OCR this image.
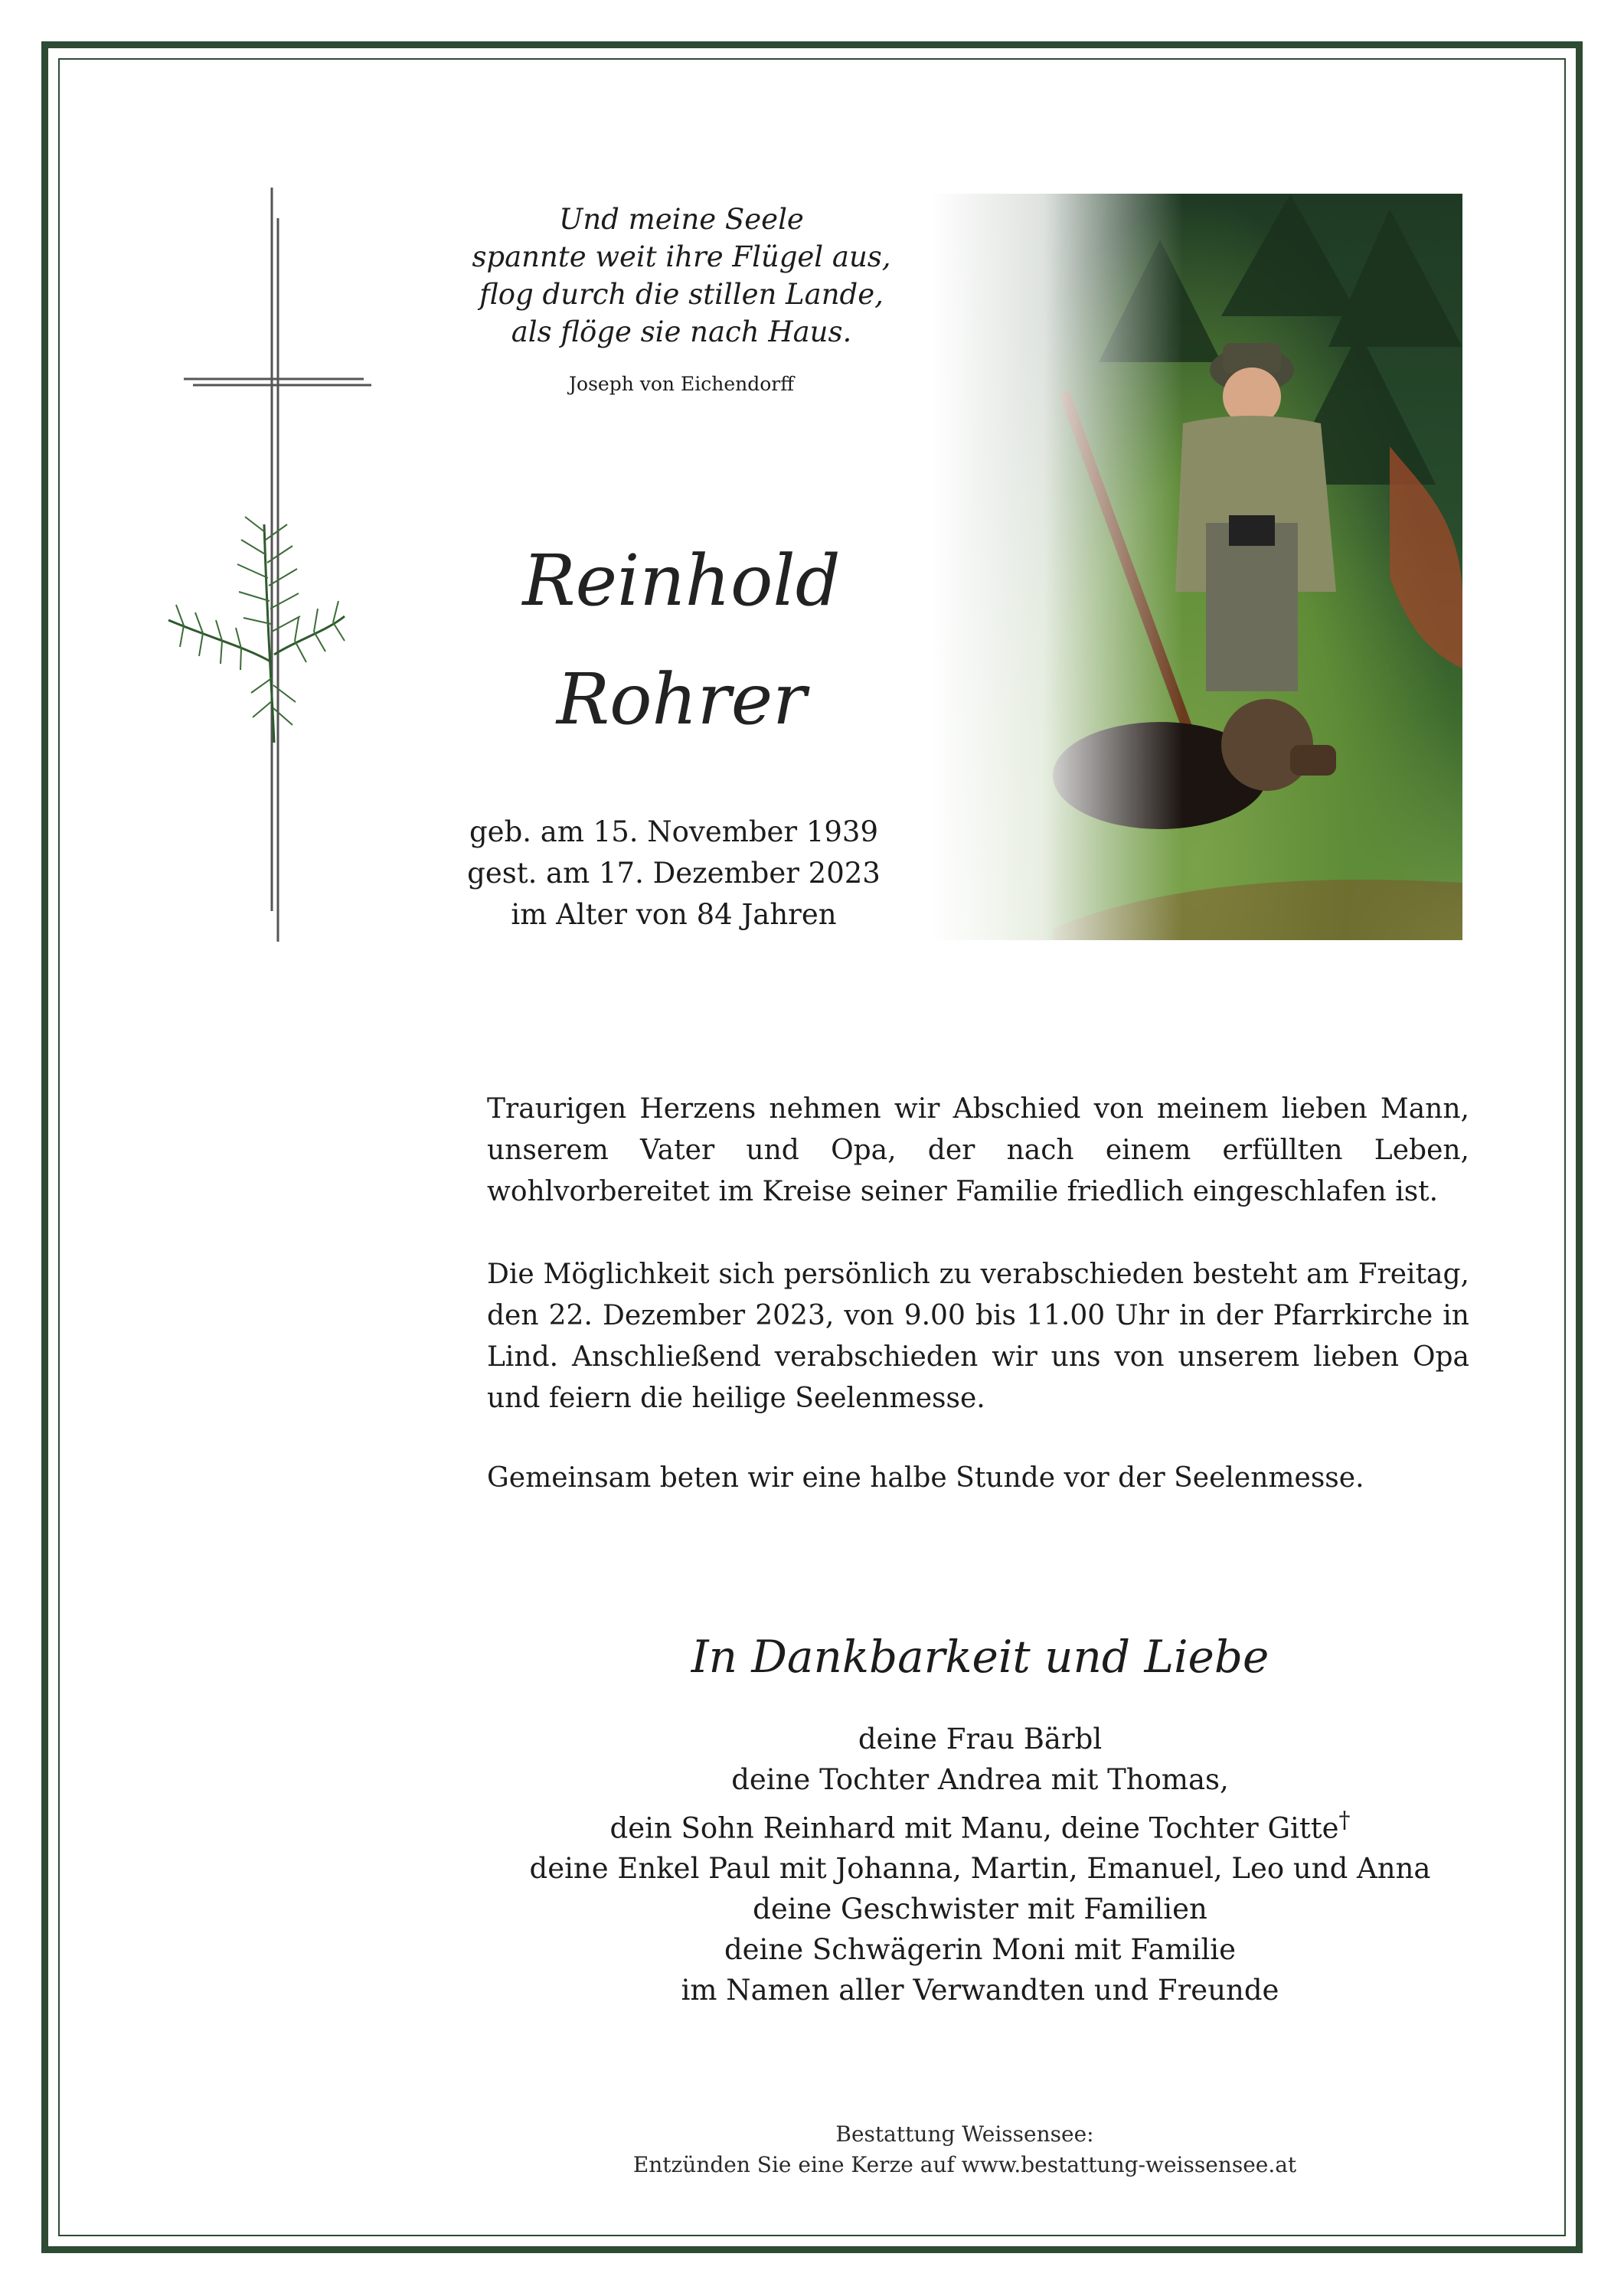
Und meine Seele
spannte weit ihre Flügel aus,
flog durch die stillen Lande,
als flöge sie nach Haus.
Joseph von Eichendorff
Reinhold
Rohrer
geb. am 15. November 1939
gest. am 17. Dezember 2023
im Alter von 84 Jahren
Traurigen Herzens nehmen wir Abschied von meinem lieben Mann, unserem Vater und Opa, der nach einem erfüllten Leben, wohlvorbereitet im Kreise seiner Familie friedlich eingeschlafen ist.
Die Möglichkeit sich persönlich zu verabschieden besteht am Freitag, den 22. Dezember 2023, von 9.00 bis 11.00 Uhr in der Pfarrkirche in Lind. Anschließend verabschieden wir uns von unserem lieben Opa und feiern die heilige Seelenmesse.
Gemeinsam beten wir eine halbe Stunde vor der Seelenmesse.
In Dankbarkeit und Liebe
deine Frau Bärbl
deine Tochter Andrea mit Thomas,
dein Sohn Reinhard mit Manu, deine Tochter Gitte†
deine Enkel Paul mit Johanna, Martin, Emanuel, Leo und Anna
deine Geschwister mit Familien
deine Schwägerin Moni mit Familie
im Namen aller Verwandten und Freunde
Bestattung Weissensee:
Entzünden Sie eine Kerze auf www.bestattung-weissensee.at
